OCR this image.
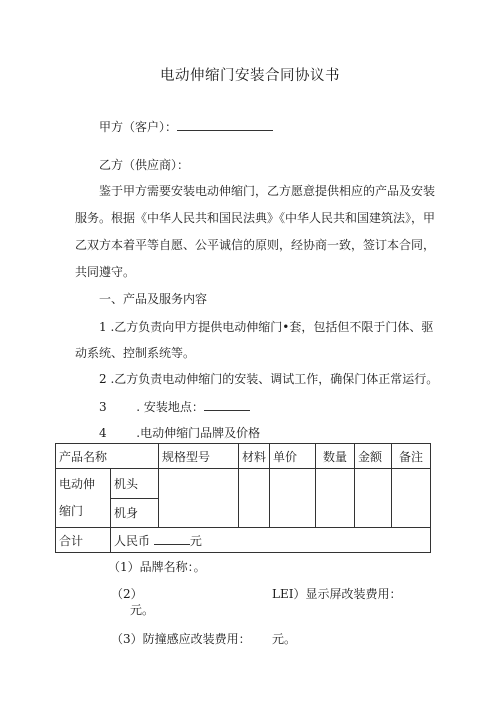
电动伸缩门安装合同协议书
甲方（客户）：
乙方（供应商）：
鉴于甲方需要安装电动伸缩门，乙方愿意提供相应的产品及安装服务。根据《中华人民共和国民法典》《中华人民共和国建筑法》，甲乙双方本着平等自愿、公平诚信的原则，经协商一致，签订本合同，共同遵守。
一、产品及服务内容
1 .乙方负责向甲方提供电动伸缩门•套，包括但不限于门体、驱
动系统、控制系统等。
2 .乙方负责电动伸缩门的安装、调试工作，确保门体正常运行。
3 . 安装地点：
4 .电动伸缩门品牌及价格
产品名称		规格型号	材料	单价	数量	金额	备注

电动伸
缩门	机头						
	机身						
合计	人民币 元						
（1）品牌名称：。
（2）	LEI）显示屏改装费用：
元。
（3）防撞感应改装费用： 元。
